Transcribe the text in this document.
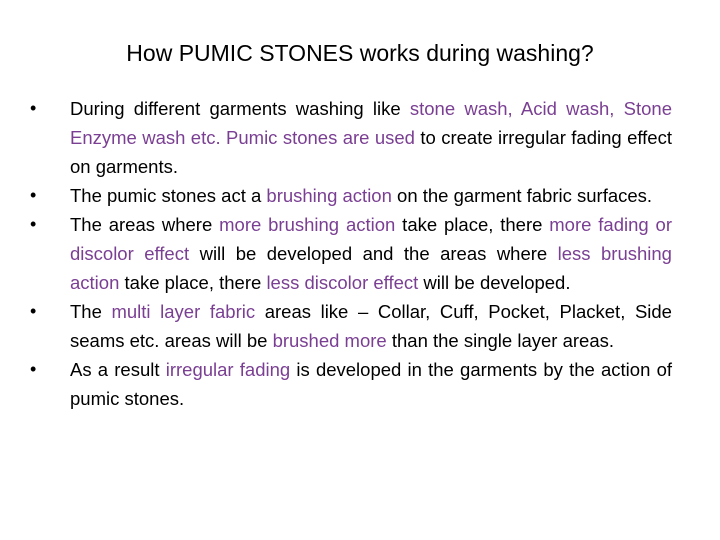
How PUMIC STONES works during washing?
• During different garments washing like stone wash, Acid wash, Stone Enzyme wash etc. Pumic stones are used to create irregular fading effect on garments.
• The pumic stones act a brushing action on the garment fabric surfaces.
• The areas where more brushing action take place, there more fading or discolor effect will be developed and the areas where less brushing action take place, there less discolor effect will be developed.
• The multi layer fabric areas like – Collar, Cuff, Pocket, Placket, Side seams etc. areas will be brushed more than the single layer areas.
• As a result irregular fading is developed in the garments by the action of pumic stones.
